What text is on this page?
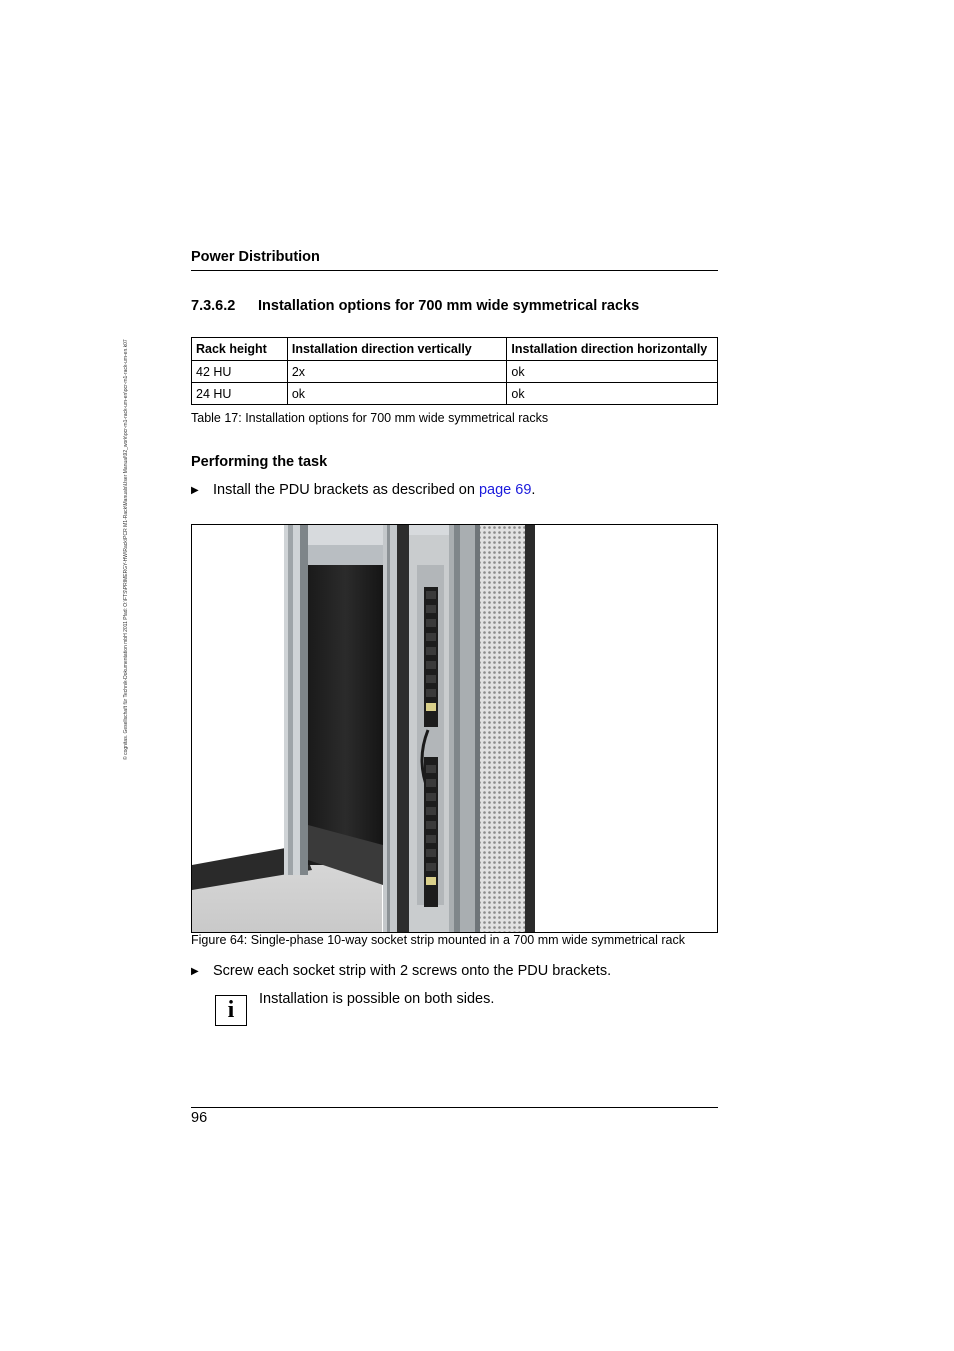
© cognitas. Gesellschaft für Technik-Dokumentation mbH 2011 Pfad: O:\FTS\PRIMERGY-HW\Rack\PCR M1-Rack\Manuals\User Manual\92_work\pcr-m1-rack-um-en\pcr-m1-rack-um-en.k07
Power Distribution
7.3.6.2 Installation options for 700 mm wide symmetrical racks
Rack height	Installation direction vertically	Installation direction horizontally
42 HU	2x	ok
24 HU	ok	ok
Table 17: Installation options for 700 mm wide symmetrical racks
Performing the task
▶ Install the PDU brackets as described on page 69.
Figure 64: Single-phase 10-way socket strip mounted in a 700 mm wide symmetrical rack
▶ Screw each socket strip with 2 screws onto the PDU brackets.
i	Installation is possible on both sides.
96
